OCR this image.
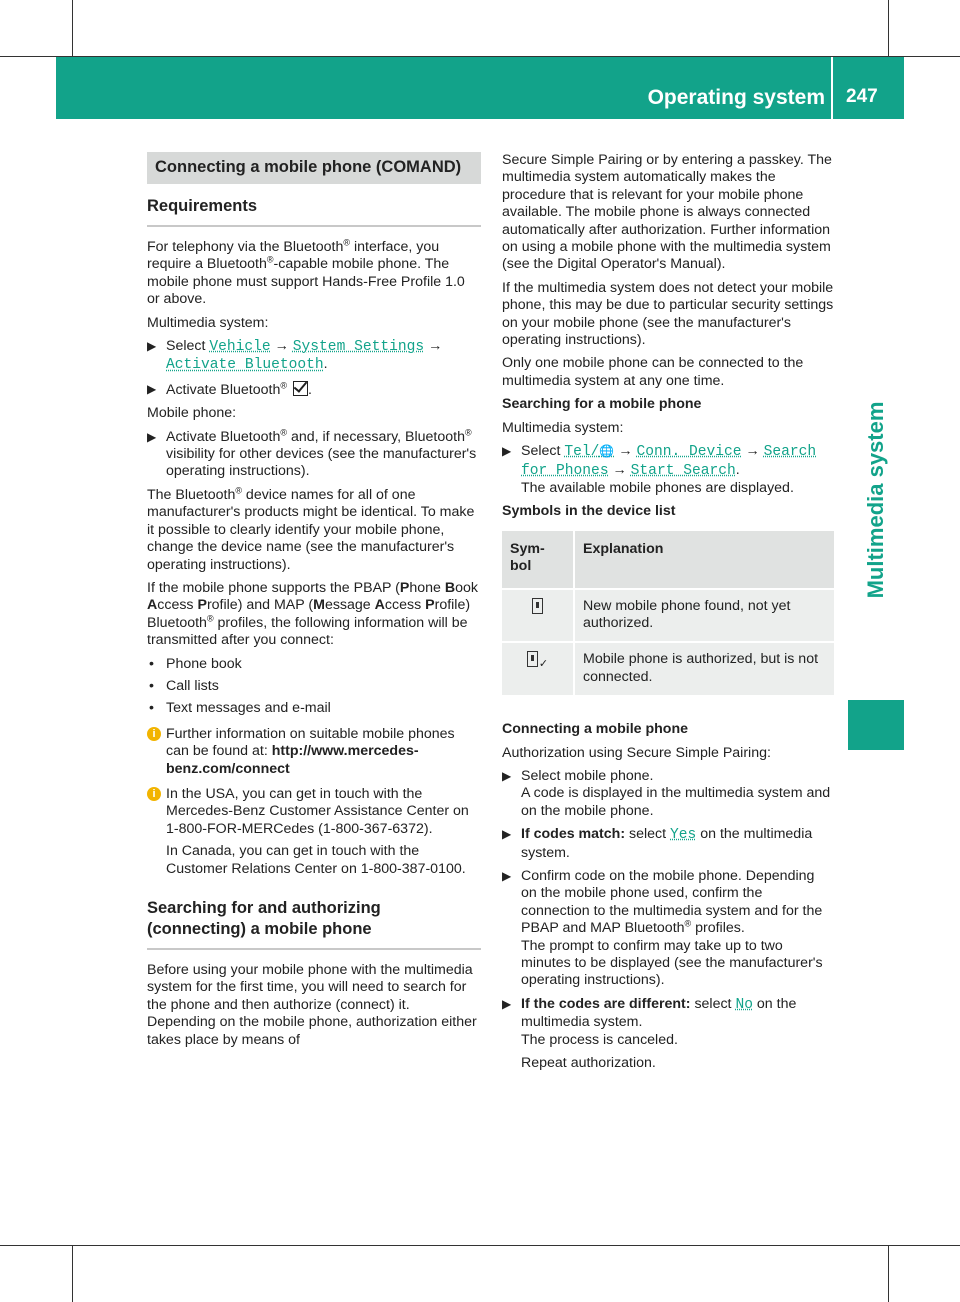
Operating system 247
Multimedia system
Connecting a mobile phone (COMAND)
Requirements

For telephony via the Bluetooth® interface, you require a Bluetooth®-capable mobile phone. The mobile phone must support Hands-Free Profile 1.0 or above.

Multimedia system:

▶ Select Vehicle → System Settings → Activate Bluetooth.
▶ Activate Bluetooth® .

Mobile phone:

▶ Activate Bluetooth® and, if necessary, Bluetooth® visibility for other devices (see the manufacturer's operating instructions).

The Bluetooth® device names for all of one manufacturer's products might be identical. To make it possible to clearly identify your mobile phone, change the device name (see the manufacturer's operating instructions).

If the mobile phone supports the PBAP (Phone Book Access Profile) and MAP (Message Access Profile) Bluetooth® profiles, the following information will be transmitted after you connect:

• Phone book
• Call lists
• Text messages and e-mail
i Further information on suitable mobile phones can be found at: http://www.mercedes-benz.com/connect
i In the USA, you can get in touch with the Mercedes-Benz Customer Assistance Center on 1-800-FOR-MERCedes (1-800-367-6372).
In Canada, you can get in touch with the Customer Relations Center on 1-800-387-0100.
Searching for and authorizing (connecting) a mobile phone

Before using your mobile phone with the multimedia system for the first time, you will need to search for the phone and then authorize (connect) it. Depending on the mobile phone, authorization either takes place by means of

Secure Simple Pairing or by entering a passkey. The multimedia system automatically makes the procedure that is relevant for your mobile phone available. The mobile phone is always connected automatically after authorization. Further information on using a mobile phone with the multimedia system (see the Digital Operator's Manual).

If the multimedia system does not detect your mobile phone, this may be due to particular security settings on your mobile phone (see the manufacturer's operating instructions).

Only one mobile phone can be connected to the multimedia system at any one time.

Searching for a mobile phone

Multimedia system:

▶ Select Tel/🌐 → Conn. Device → Search for Phones → Start Search.
The available mobile phones are displayed.
Symbols in the device list
Sym-bol	Explanation
	New mobile phone found, not yet authorized.
✓	Mobile phone is authorized, but is not connected.
Connecting a mobile phone

Authorization using Secure Simple Pairing:

▶ Select mobile phone.
A code is displayed in the multimedia system and on the mobile phone.
▶ If codes match: select Yes on the multimedia system.
▶ Confirm code on the mobile phone. Depending on the mobile phone used, confirm the connection to the multimedia system and for the PBAP and MAP Bluetooth® profiles.
The prompt to confirm may take up to two minutes to be displayed (see the manufacturer's operating instructions).
▶ If the codes are different: select No on the multimedia system.
The process is canceled.
Repeat authorization.
